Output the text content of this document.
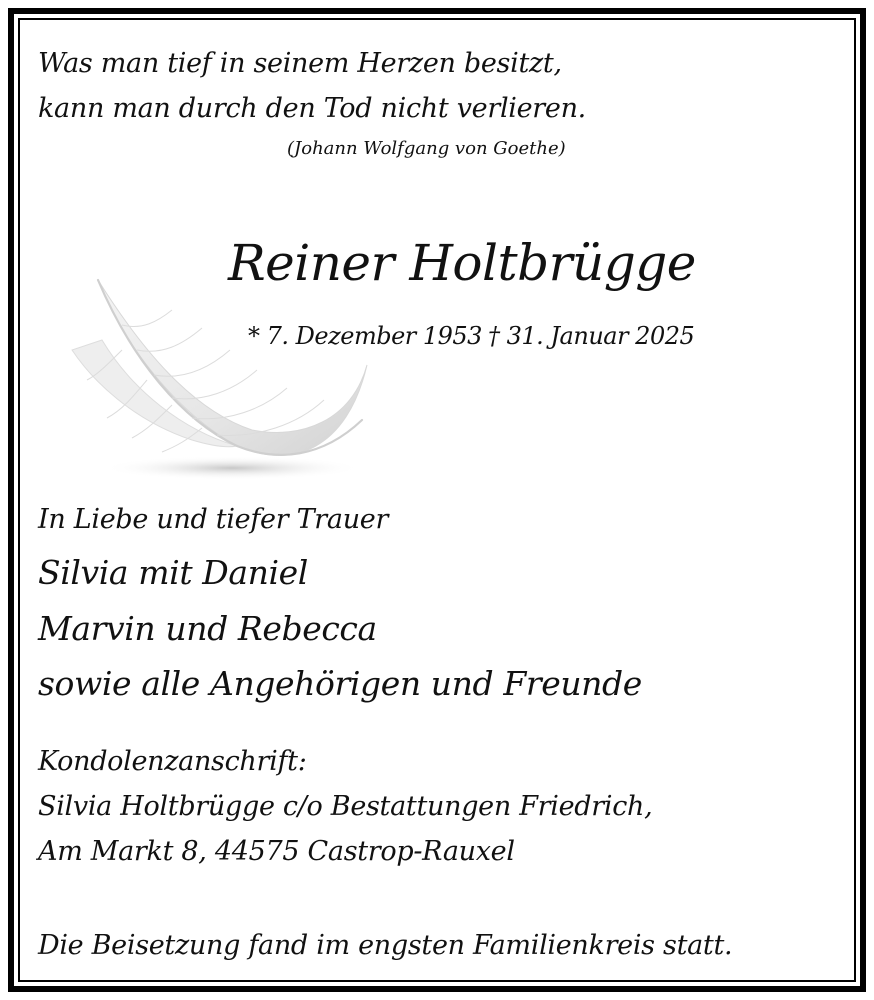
Was man tief in seinem Herzen besitzt,
kann man durch den Tod nicht verlieren.
(Johann Wolfgang von Goethe)
Reiner Holtbrügge
* 7. Dezember 1953 † 31. Januar 2025
In Liebe und tiefer Trauer
Silvia mit Daniel
Marvin und Rebecca
sowie alle Angehörigen und Freunde
Kondolenzanschrift:
Silvia Holtbrügge c/o Bestattungen Friedrich,
Am Markt 8, 44575 Castrop-Rauxel
Die Beisetzung fand im engsten Familienkreis statt.
